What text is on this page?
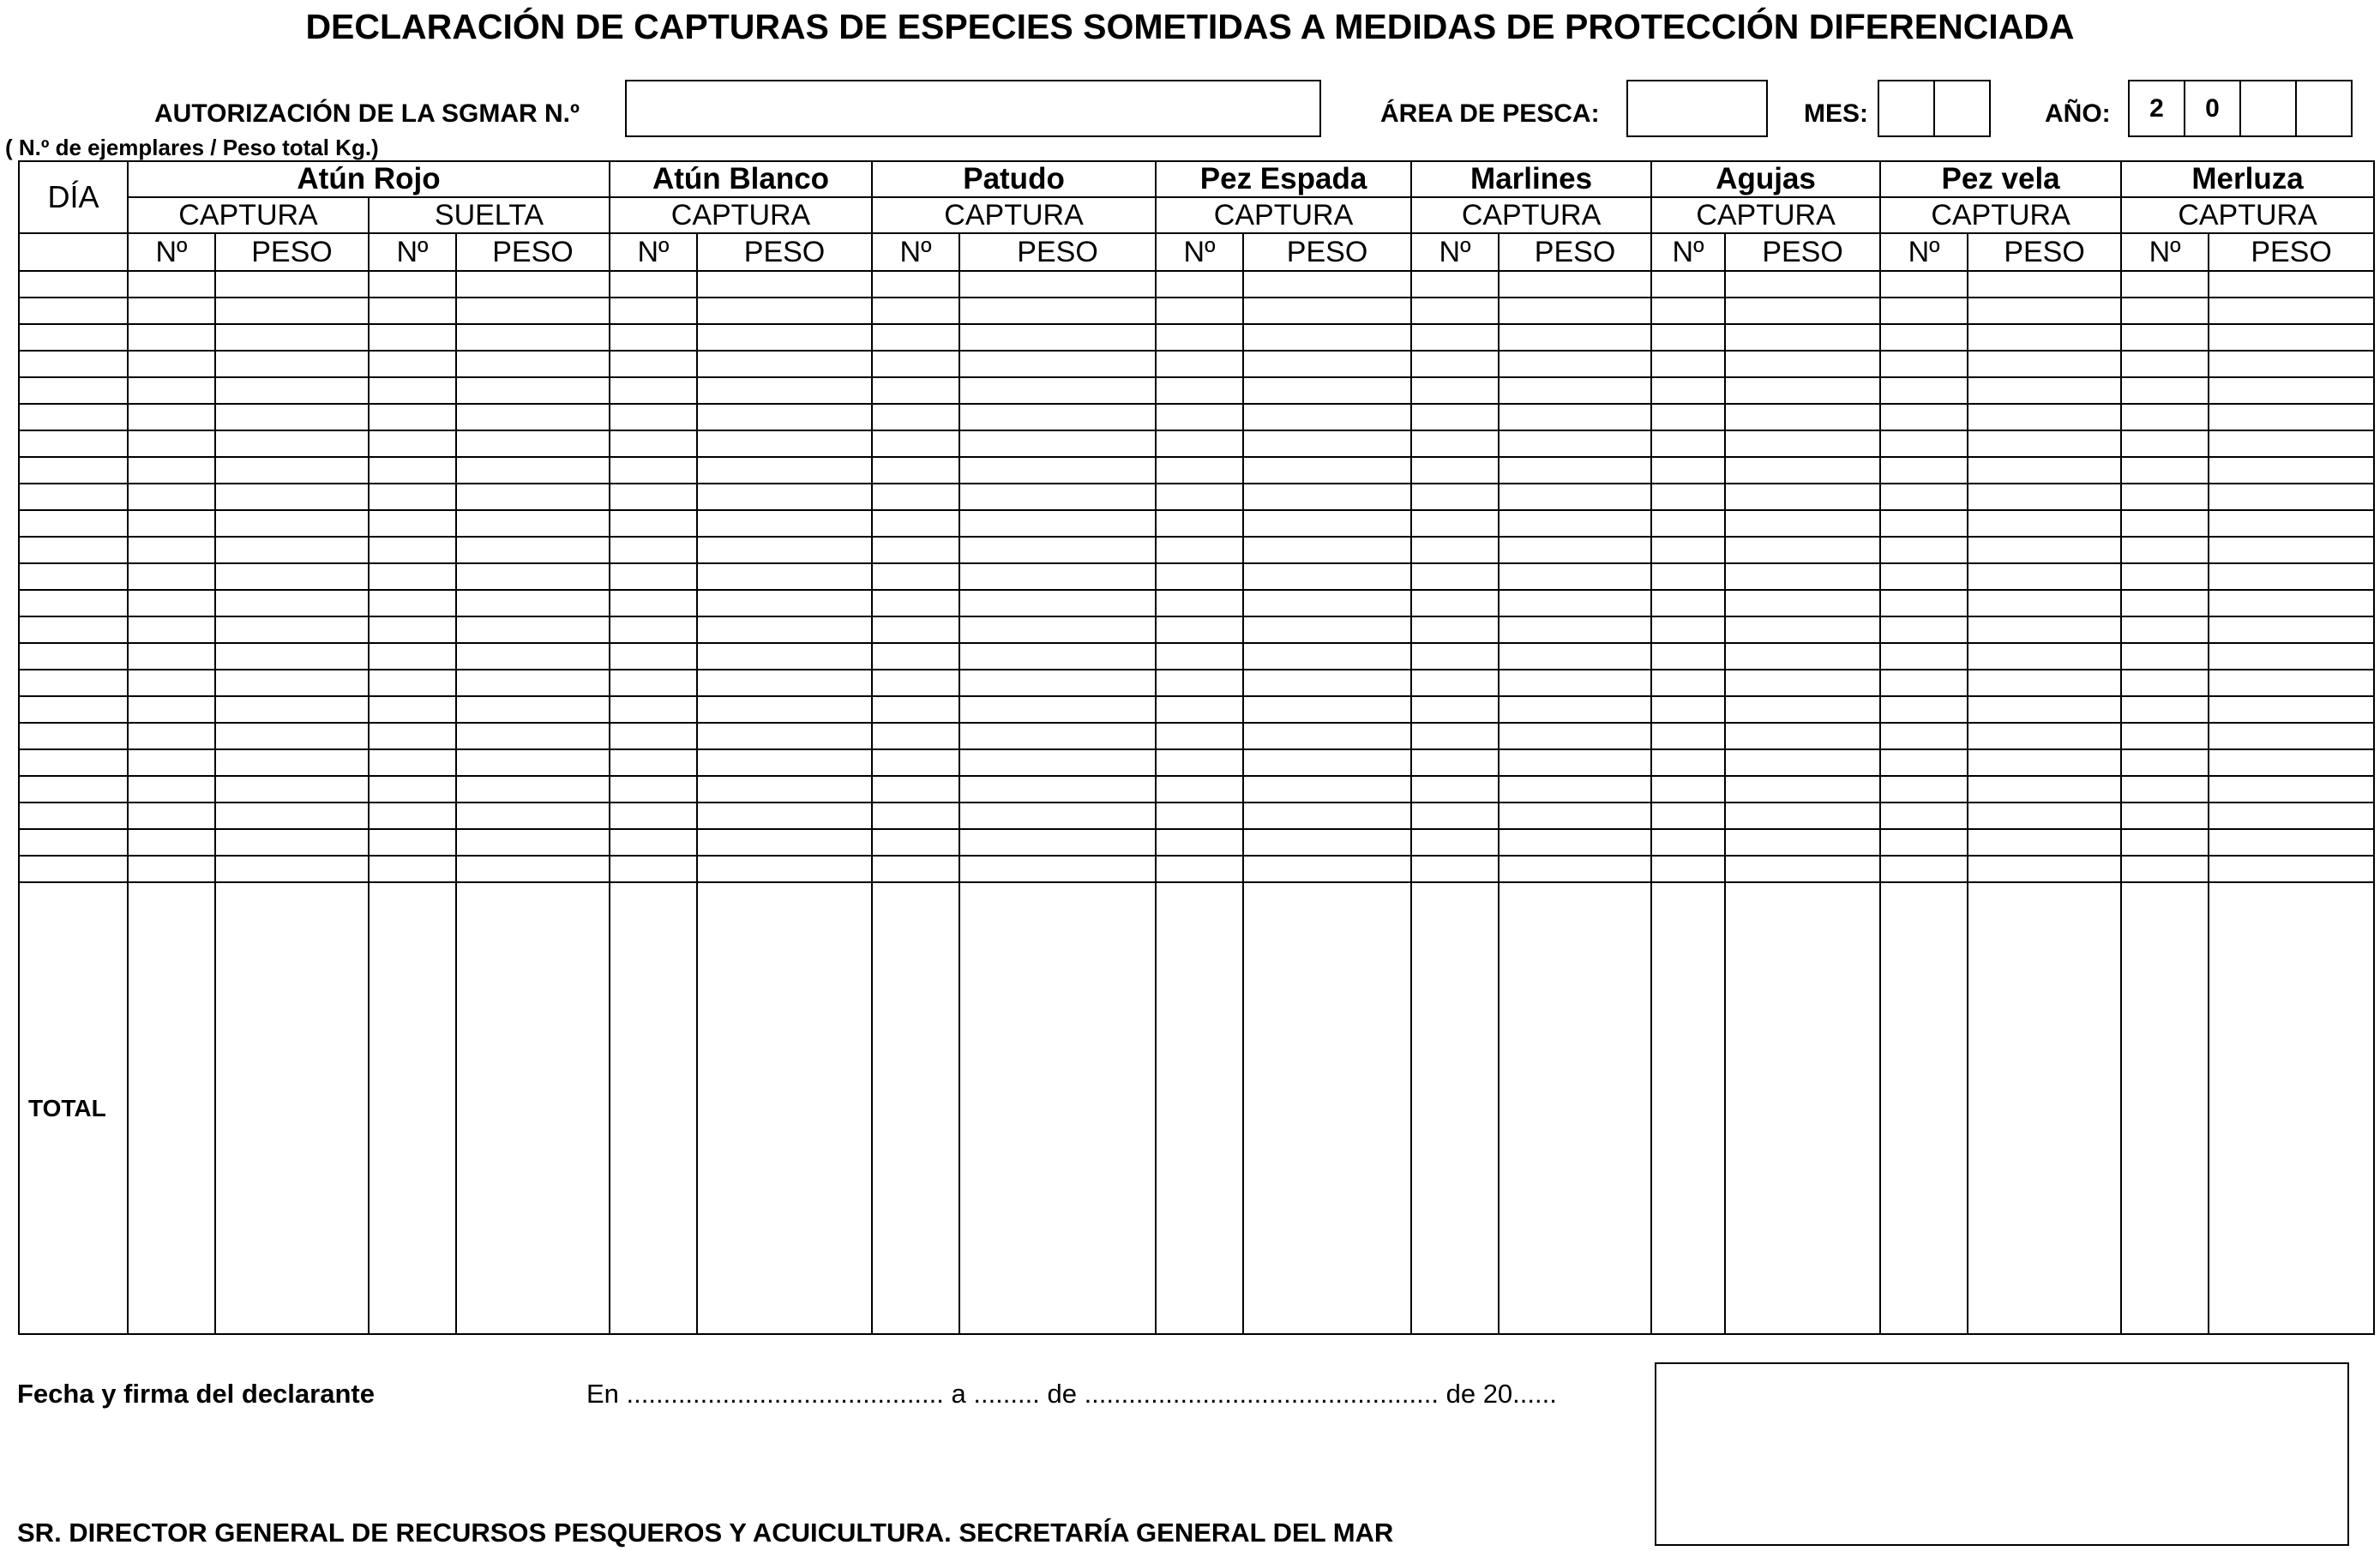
DECLARACIÓN DE CAPTURAS DE ESPECIES SOMETIDAS A MEDIDAS DE PROTECCIÓN DIFERENCIADA
AUTORIZACIÓN DE LA SGMAR N.º	ÁREA DE PESCA:	MES:	AÑO:	2	0
( N.º de ejemplares / Peso total Kg.)
DÍA	Atún Rojo				Atún Blanco		Patudo		Pez Espada		Marlines		Agujas		Pez vela		Merluza	
	CAPTURA		SUELTA		CAPTURA		CAPTURA		CAPTURA		CAPTURA		CAPTURA		CAPTURA		CAPTURA	
	Nº	PESO	Nº	PESO	Nº	PESO	Nº	PESO	Nº	PESO	Nº	PESO	Nº	PESO	Nº	PESO	Nº	PESO

TOTAL																		
Fecha y firma del declarante	En ........................................... a ......... de ................................................ de 20......
SR. DIRECTOR GENERAL DE RECURSOS PESQUEROS Y ACUICULTURA. SECRETARÍA GENERAL DEL MAR
